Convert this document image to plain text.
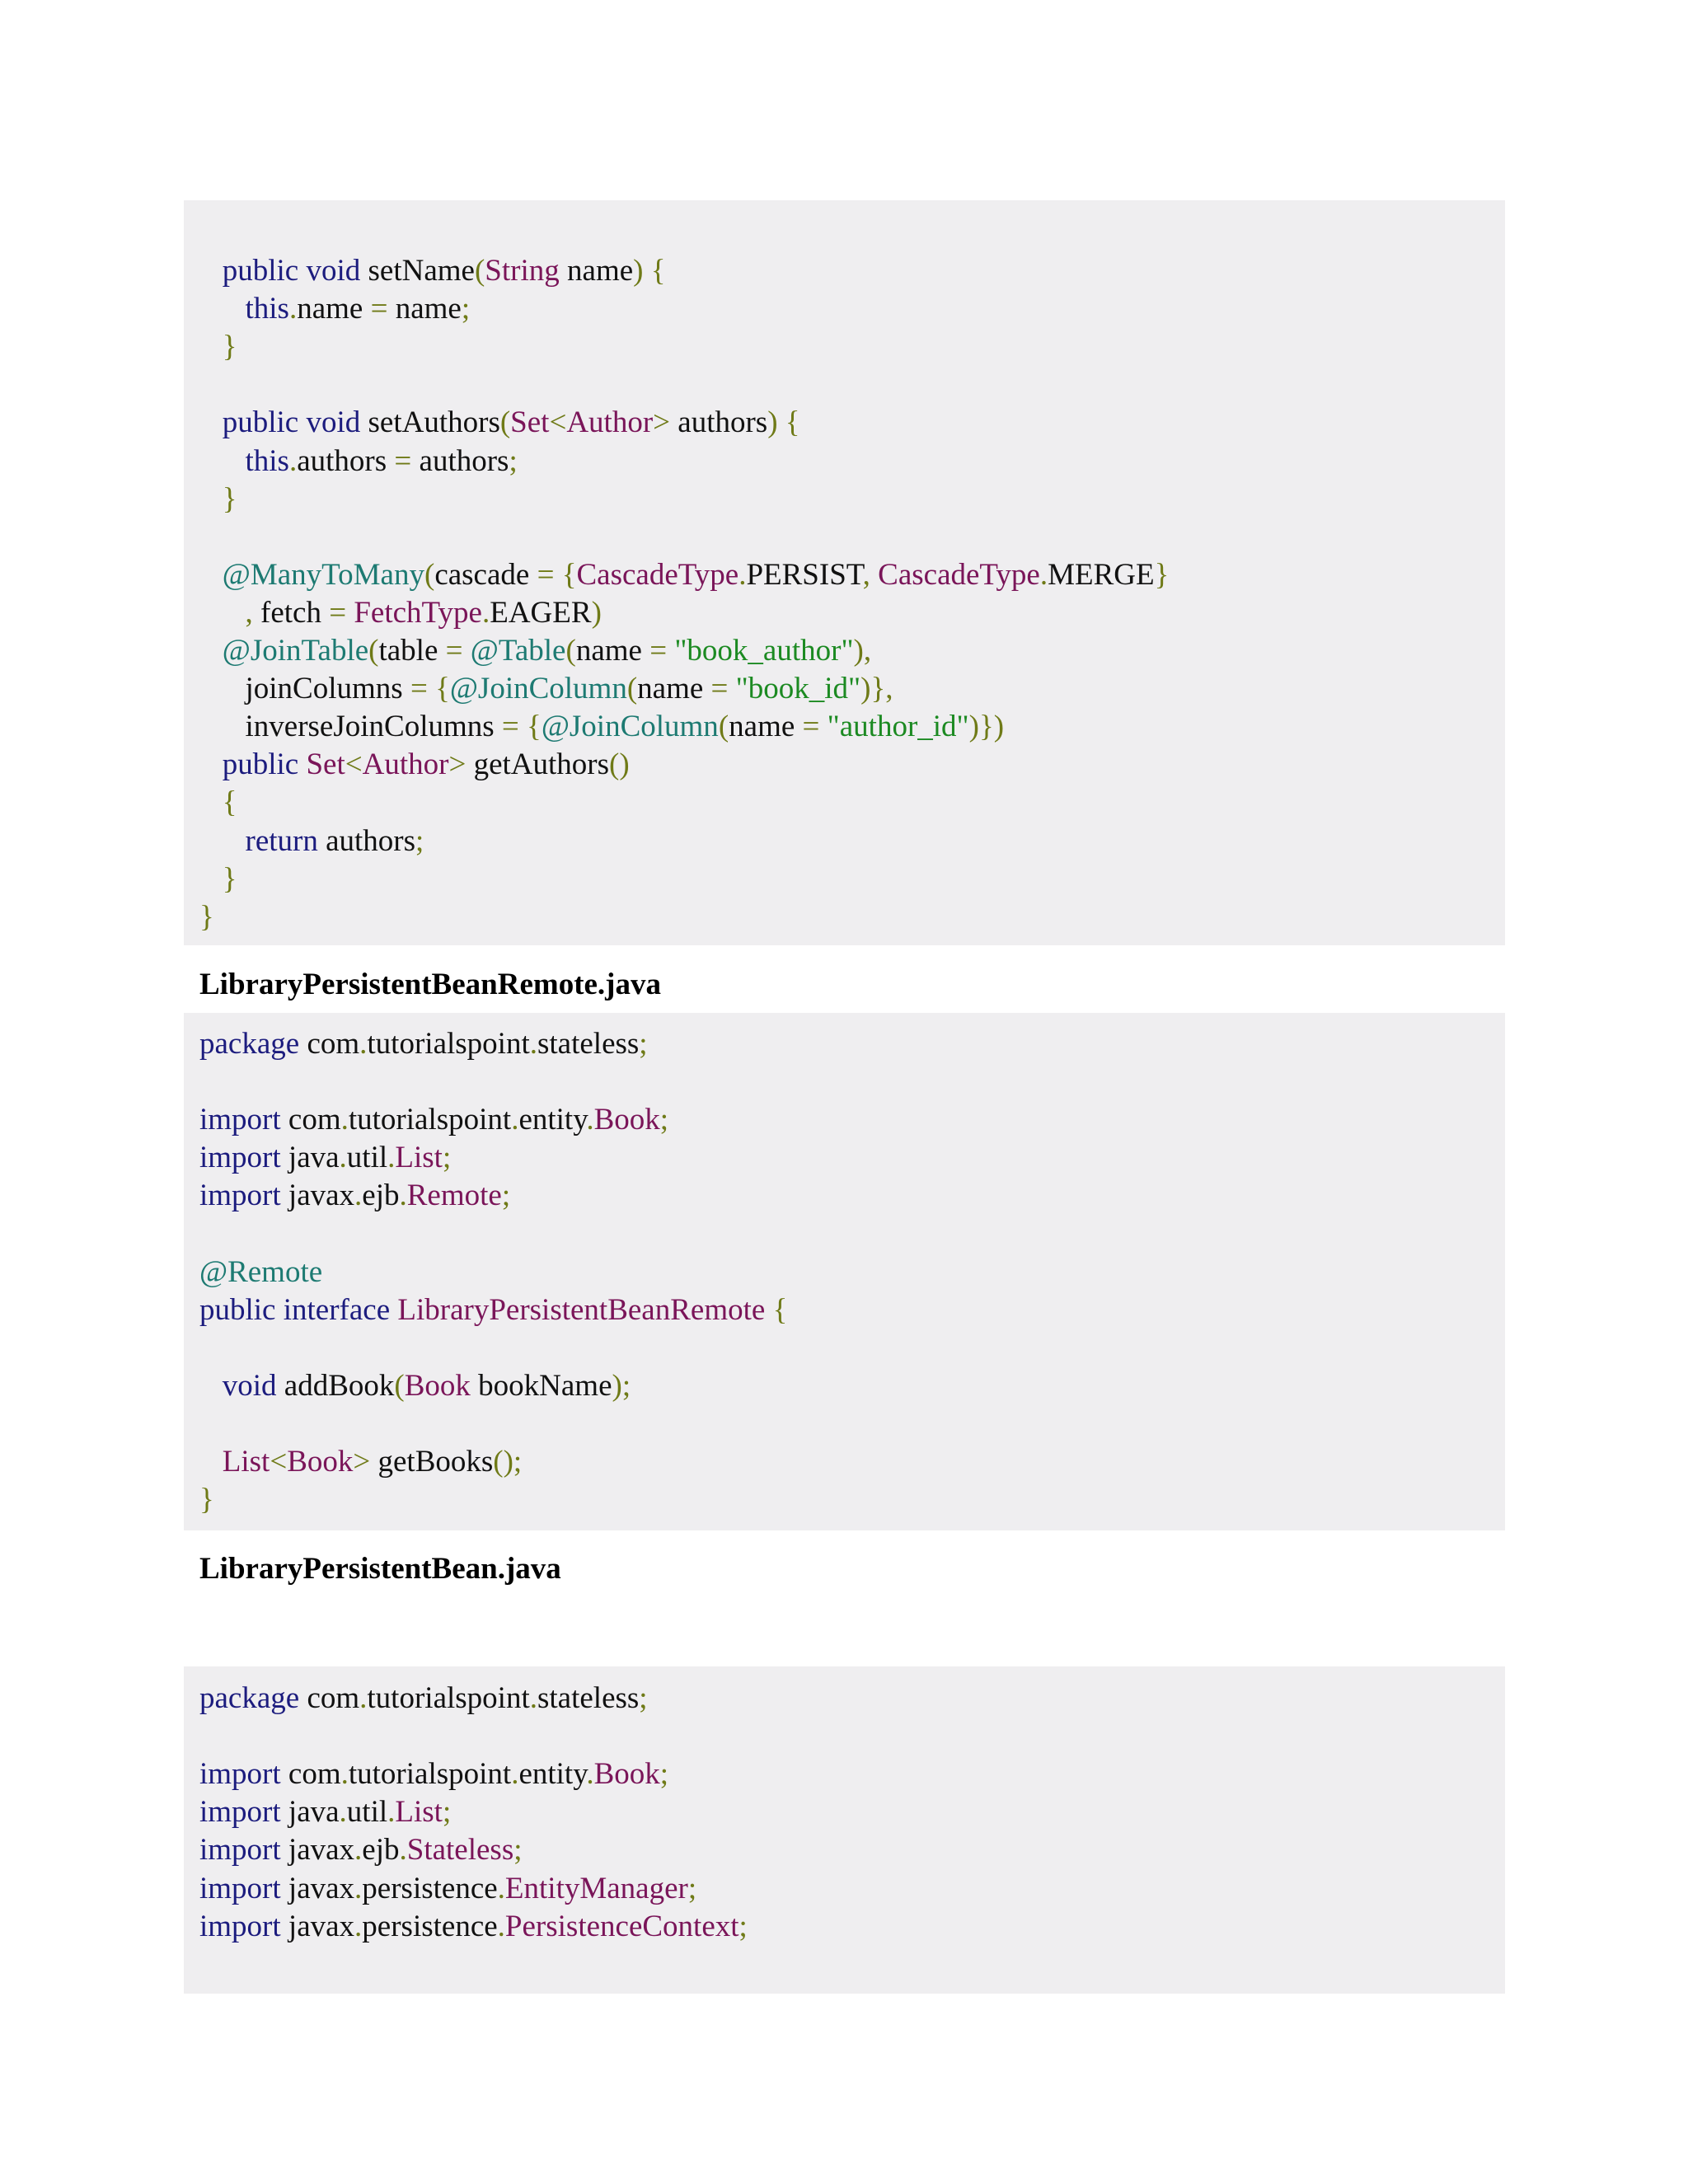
LibraryPersistentBeanRemote.java
LibraryPersistentBean.java
public void setName(String name) {
this.name = name;
}
public void setAuthors(Set<Author> authors) {
this.authors = authors;
}
@ManyToMany(cascade = {CascadeType.PERSIST, CascadeType.MERGE}
, fetch = FetchType.EAGER)
@JoinTable(table = @Table(name = "book_author"),
joinColumns = {@JoinColumn(name = "book_id")},
inverseJoinColumns = {@JoinColumn(name = "author_id")})
public Set<Author> getAuthors()
{
return authors;
}
}
package com.tutorialspoint.stateless;
import com.tutorialspoint.entity.Book;
import java.util.List;
import javax.ejb.Remote;
@Remote
public interface LibraryPersistentBeanRemote {
void addBook(Book bookName);
List<Book> getBooks();
}
package com.tutorialspoint.stateless;
import com.tutorialspoint.entity.Book;
import java.util.List;
import javax.ejb.Stateless;
import javax.persistence.EntityManager;
import javax.persistence.PersistenceContext;
